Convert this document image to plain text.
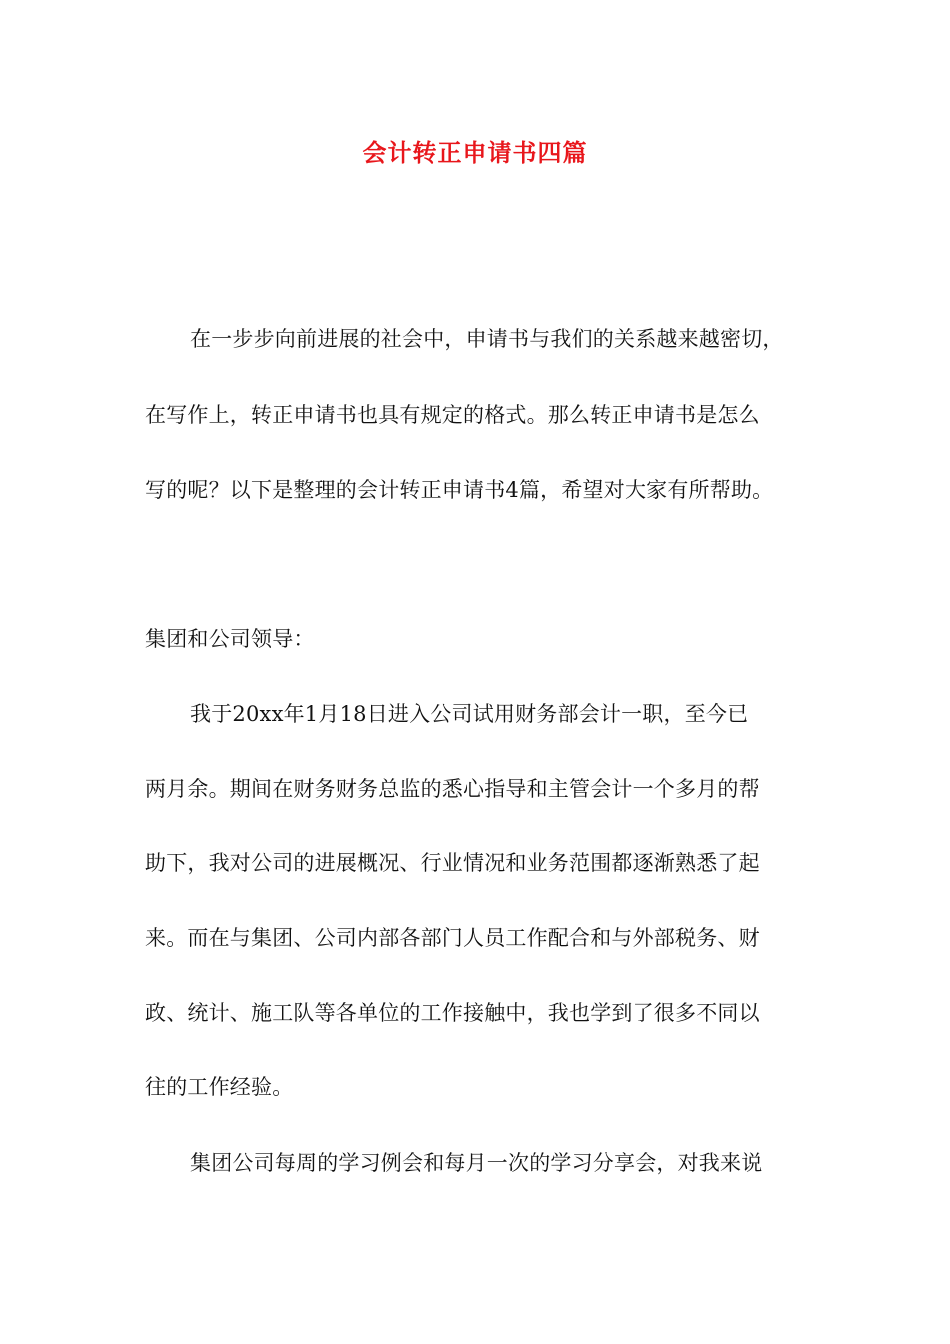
会计转正申请书四篇
在一步步向前进展的社会中，申请书与我们的关系越来越密切，
在写作上，转正申请书也具有规定的格式。那么转正申请书是怎么
写的呢？以下是整理的会计转正申请书4篇，希望对大家有所帮助。
集团和公司领导：
我于20xx年1月18日进入公司试用财务部会计一职，至今已
两月余。期间在财务财务总监的悉心指导和主管会计一个多月的帮
助下，我对公司的进展概况、行业情况和业务范围都逐渐熟悉了起
来。而在与集团、公司内部各部门人员工作配合和与外部税务、财
政、统计、施工队等各单位的工作接触中，我也学到了很多不同以
往的工作经验。
集团公司每周的学习例会和每月一次的学习分享会，对我来说
